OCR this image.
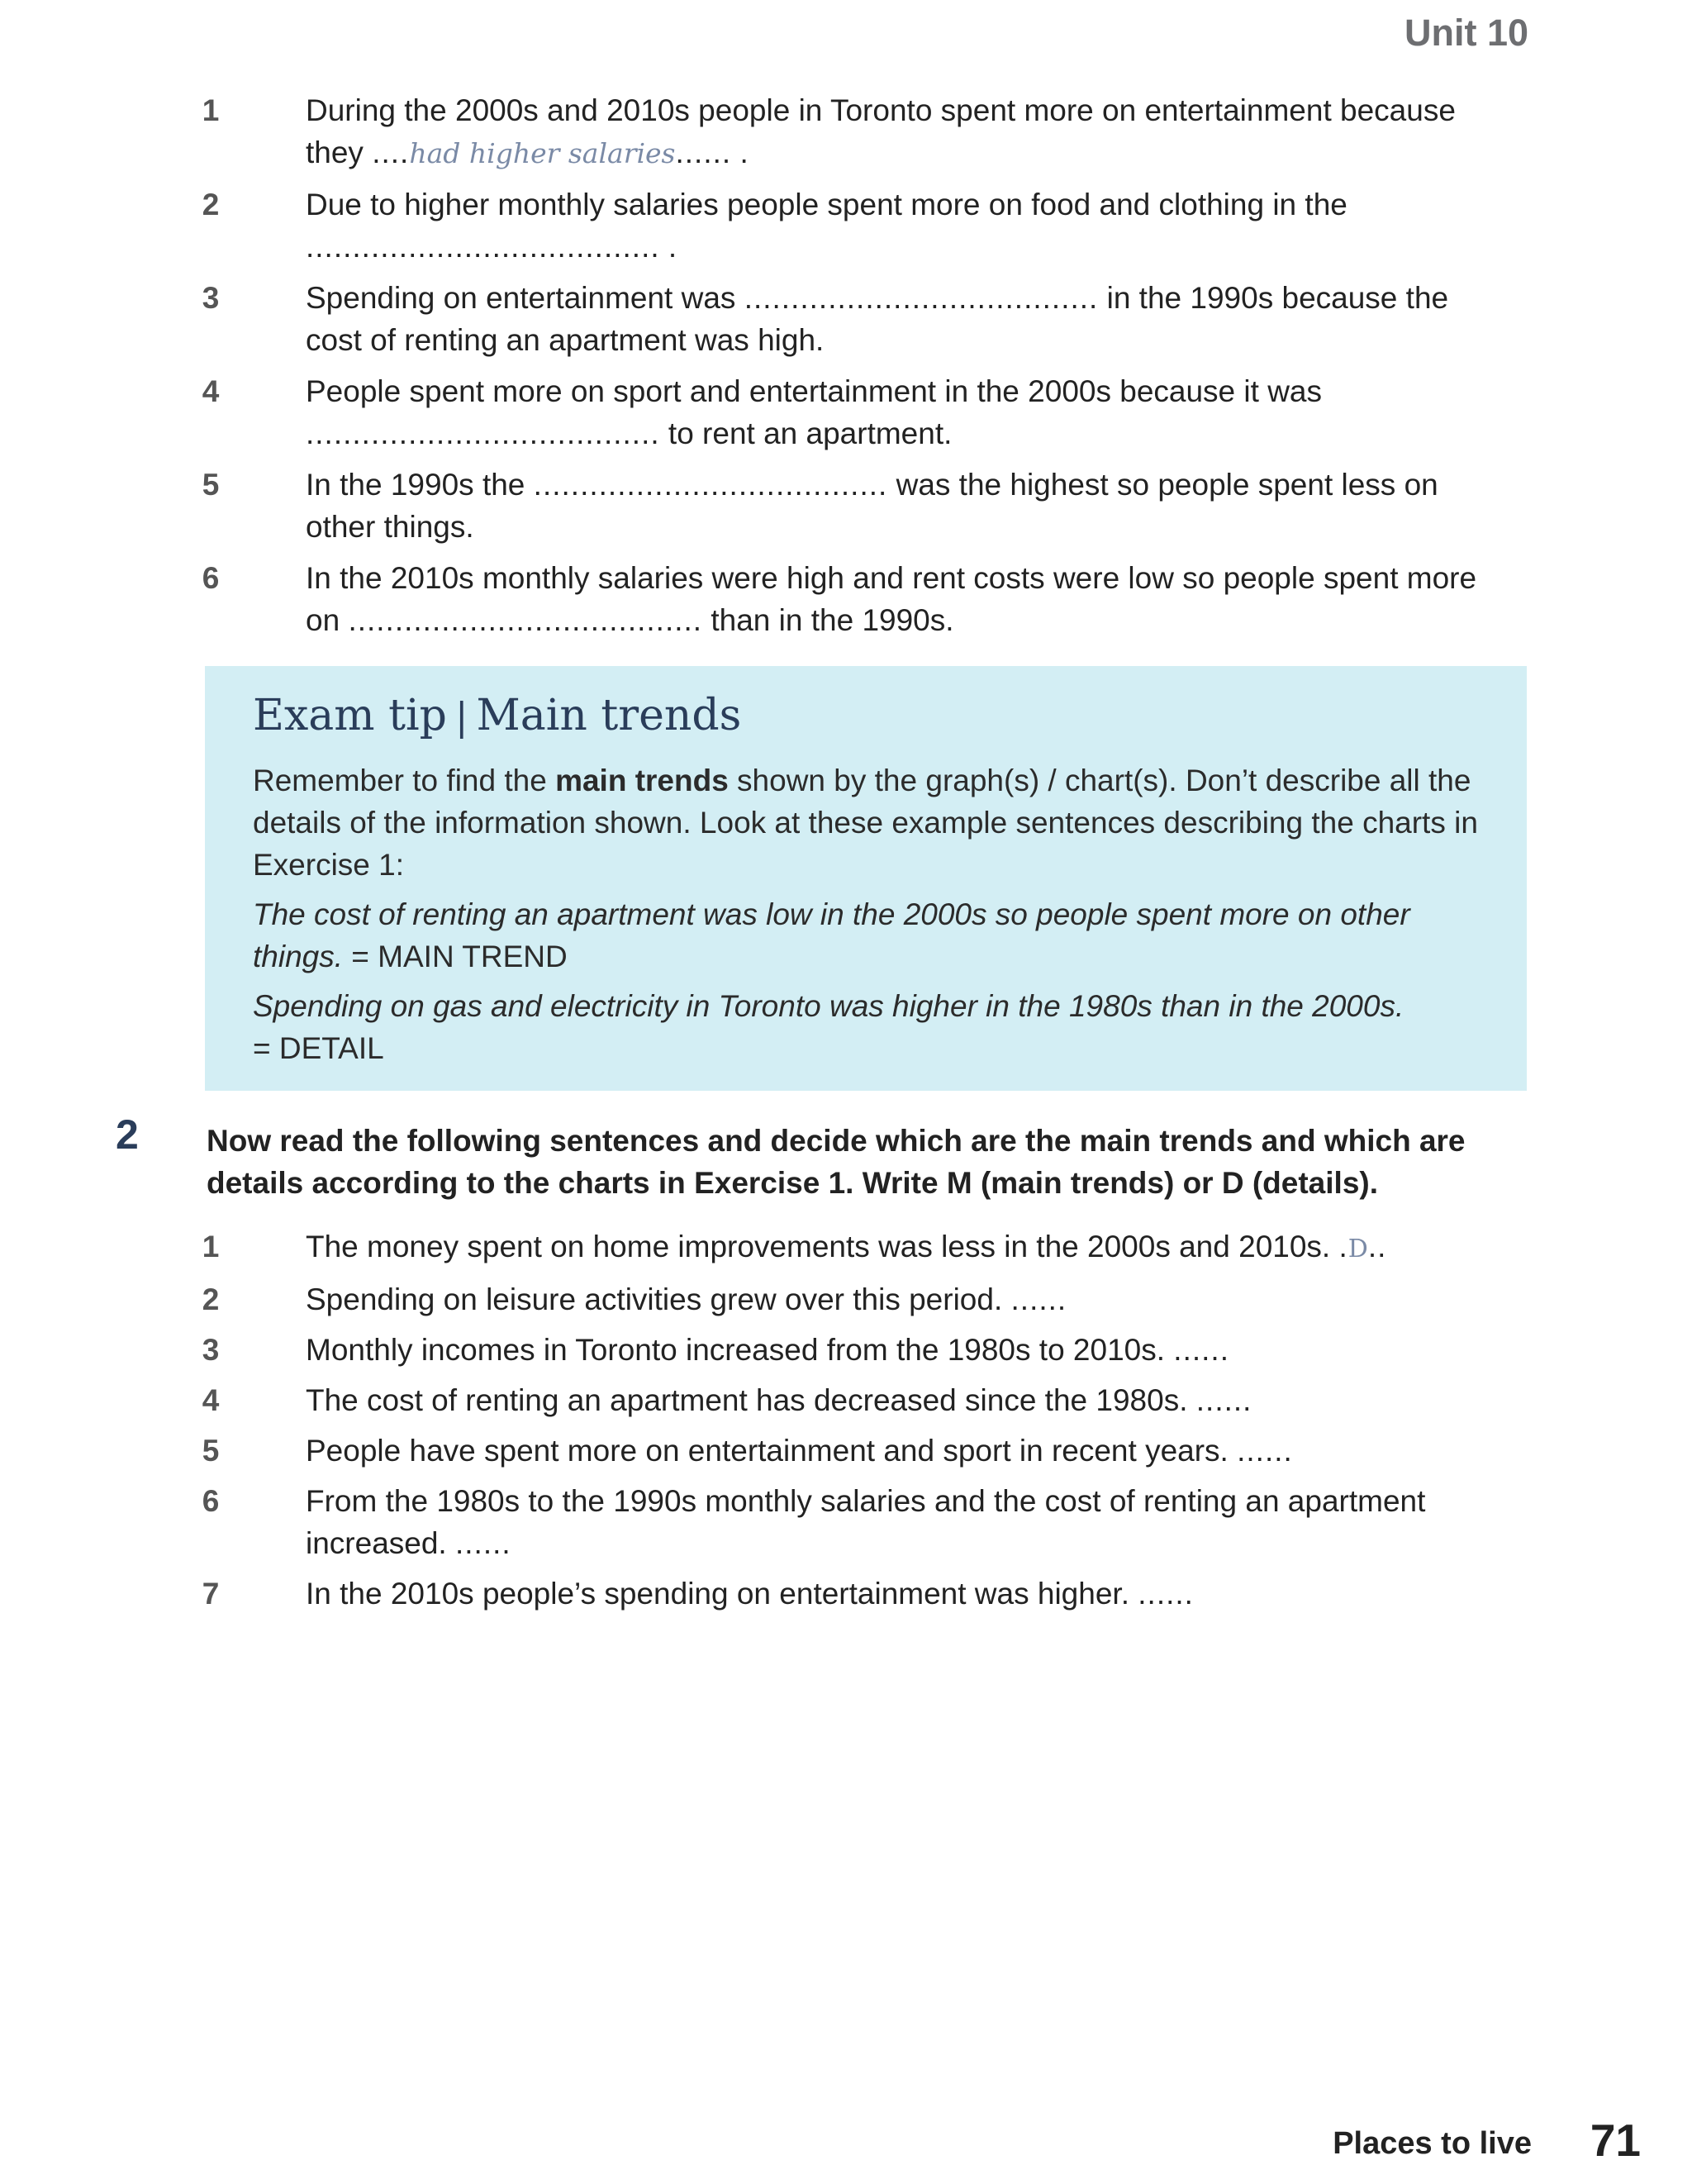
Unit 10
1	During the 2000s and 2010s people in Toronto spent more on entertainment because they ....had higher salaries...... .
2	Due to higher monthly salaries people spent more on food and clothing in the ...................................... .
3	Spending on entertainment was ...................................... in the 1990s because the cost of renting an apartment was high.
4	People spent more on sport and entertainment in the 2000s because it was ...................................... to rent an apartment.
5	In the 1990s the ...................................... was the highest so people spent less on other things.
6	In the 2010s monthly salaries were high and rent costs were low so people spent more on ...................................... than in the 1990s.
Exam tip | Main trends

Remember to find the main trends shown by the graph(s) / chart(s). Don’t describe all the details of the information shown. Look at these example sentences describing the charts in Exercise 1:

The cost of renting an apartment was low in the 2000s so people spent more on other things. = MAIN TREND

Spending on gas and electricity in Toronto was higher in the 1980s than in the 2000s.
= DETAIL

2 Now read the following sentences and decide which are the main trends and which are details according to the charts in Exercise 1. Write M (main trends) or D (details).
1	The money spent on home improvements was less in the 2000s and 2010s. .D..
2	Spending on leisure activities grew over this period. ......
3	Monthly incomes in Toronto increased from the 1980s to 2010s. ......
4	The cost of renting an apartment has decreased since the 1980s. ......
5	People have spent more on entertainment and sport in recent years. ......
6	From the 1980s to the 1990s monthly salaries and the cost of renting an apartment increased. ......
7	In the 2010s people’s spending on entertainment was higher. ......
Places to live 71
